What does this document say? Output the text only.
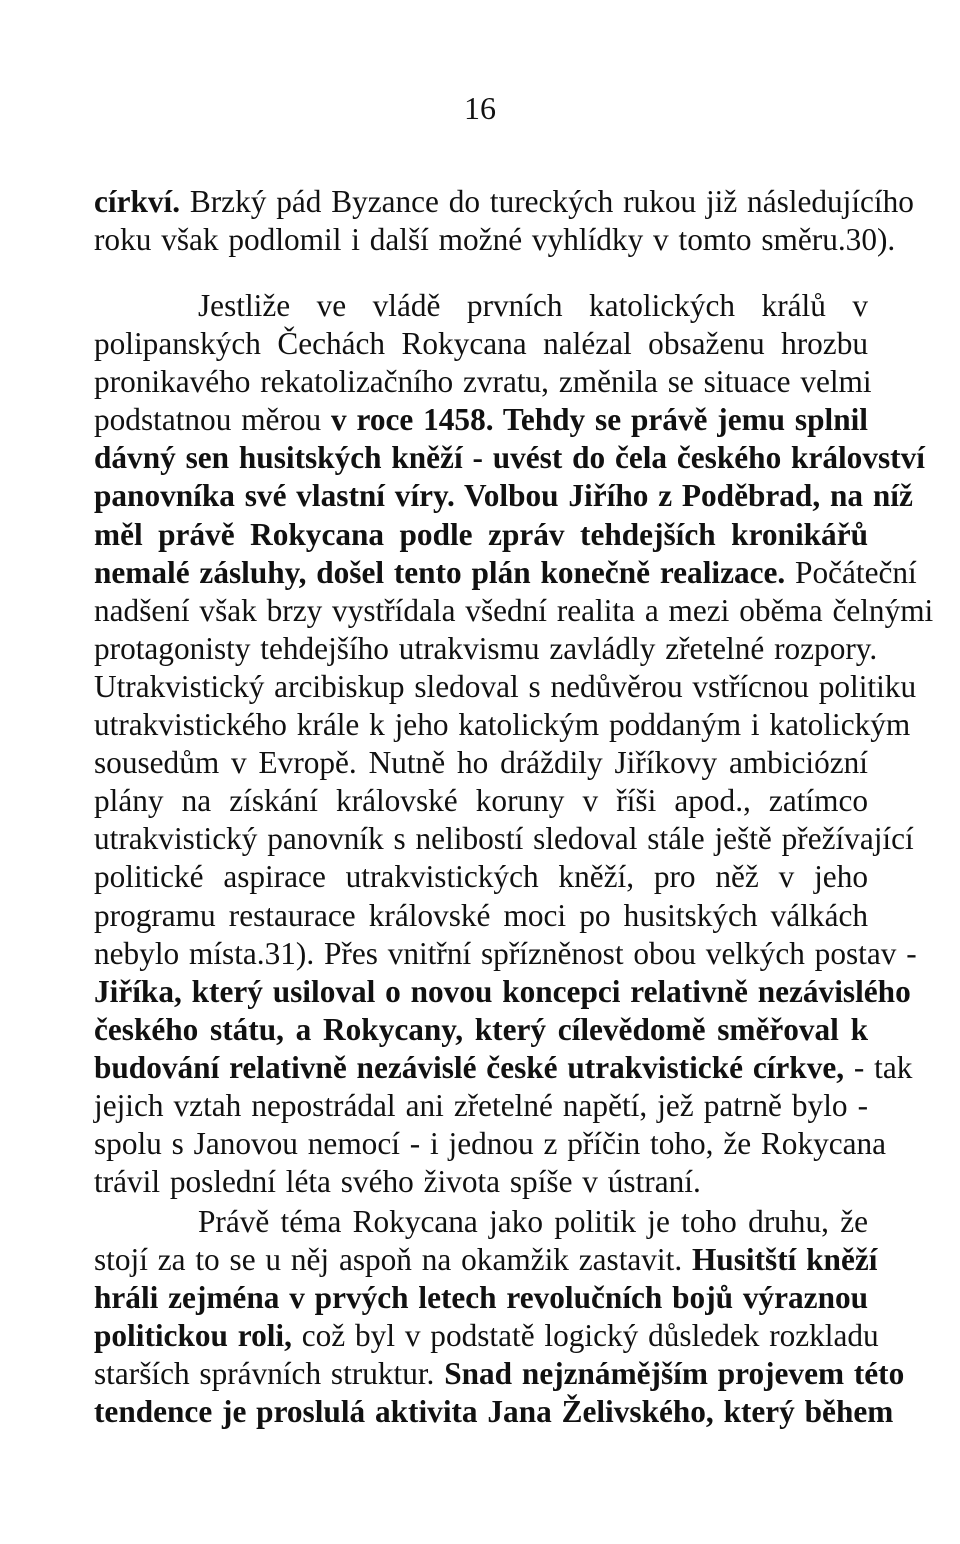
16
církví. Brzký pád Byzance do tureckých rukou již následujícího
roku však podlomil i další možné vyhlídky v tomto směru.30).
Jestliže ve vládě prvních katolických králů v
polipanských Čechách Rokycana nalézal obsaženu hrozbu
pronikavého rekatolizačního zvratu, změnila se situace velmi
podstatnou měrou v roce 1458. Tehdy se právě jemu splnil
dávný sen husitských kněží - uvést do čela českého království
panovníka své vlastní víry. Volbou Jiřího z Poděbrad, na níž
měl právě Rokycana podle zpráv tehdejších kronikářů
nemalé zásluhy, došel tento plán konečně realizace. Počáteční
nadšení však brzy vystřídala všední realita a mezi oběma čelnými
protagonisty tehdejšího utrakvismu zavládly zřetelné rozpory.
Utrakvistický arcibiskup sledoval s nedůvěrou vstřícnou politiku
utrakvistického krále k jeho katolickým poddaným i katolickým
sousedům v Evropě. Nutně ho dráždily Jiříkovy ambiciózní
plány na získání královské koruny v říši apod., zatímco
utrakvistický panovník s nelibostí sledoval stále ještě přežívající
politické aspirace utrakvistických kněží, pro něž v jeho
programu restaurace královské moci po husitských válkách
nebylo místa.31). Přes vnitřní spřízněnost obou velkých postav -
Jiříka, který usiloval o novou koncepci relativně nezávislého
českého státu, a Rokycany, který cílevědomě směřoval k
budování relativně nezávislé české utrakvistické církve, - tak
jejich vztah nepostrádal ani zřetelné napětí, jež patrně bylo -
spolu s Janovou nemocí - i jednou z příčin toho, že Rokycana
trávil poslední léta svého života spíše v ústraní.
Právě téma Rokycana jako politik je toho druhu, že
stojí za to se u něj aspoň na okamžik zastavit. Husitští kněží
hráli zejména v prvých letech revolučních bojů výraznou
politickou roli, což byl v podstatě logický důsledek rozkladu
starších správních struktur. Snad nejznámějším projevem této
tendence je proslulá aktivita Jana Želivského, který během
